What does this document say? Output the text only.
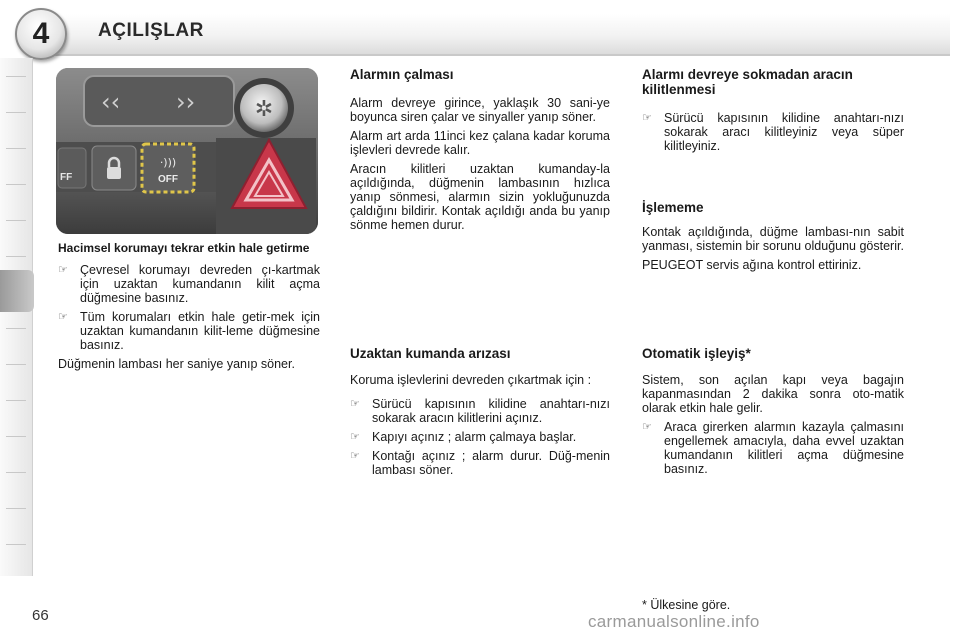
4	AÇILIŞLAR
‹‹ ››	✲
FF
·)))
OFF
Hacimsel korumayı tekrar etkin hale getirme
☞ Çevresel korumayı devreden çı-kartmak için uzaktan kumandanın kilit açma düğmesine basınız.
☞ Tüm korumaları etkin hale getir-mek için uzaktan kumandanın kilit-leme düğmesine basınız.

Düğmenin lambası her saniye yanıp söner.

Alarmın çalması

Alarm devreye girince, yaklaşık 30 sani-ye boyunca siren çalar ve sinyaller yanıp söner.

Alarm art arda 11inci kez çalana kadar koruma işlevleri devrede kalır.

Aracın kilitleri uzaktan kumanday-la açıldığında, düğmenin lambasının hızlıca yanıp sönmesi, alarmın sizin yokluğunuzda çaldığını bildirir. Kontak açıldığı anda bu yanıp sönme hemen durur.

Uzaktan kumanda arızası

Koruma işlevlerini devreden çıkartmak için :

☞ Sürücü kapısının kilidine anahtarı-nızı sokarak aracın kilitlerini açınız.
☞ Kapıyı açınız ; alarm çalmaya başlar.
☞ Kontağı açınız ; alarm durur. Düğ-menin lambası söner.
Alarmı devreye sokmadan aracın kilitlenmesi
☞ Sürücü kapısının kilidine anahtarı-nızı sokarak aracı kilitleyiniz veya süper kilitleyiniz.
İşlememe

Kontak açıldığında, düğme lambası-nın sabit yanması, sistemin bir sorunu olduğunu gösterir.

PEUGEOT servis ağına kontrol ettiriniz.

Otomatik işleyiş*

Sistem, son açılan kapı veya bagajın kapanmasından 2 dakika sonra oto-matik olarak etkin hale gelir.

☞ Araca girerken alarmın kazayla çalmasını engellemek amacıyla, daha evvel uzaktan kumandanın kilitleri açma düğmesine basınız.
* Ülkesine göre.
66	carmanualsonline.info
